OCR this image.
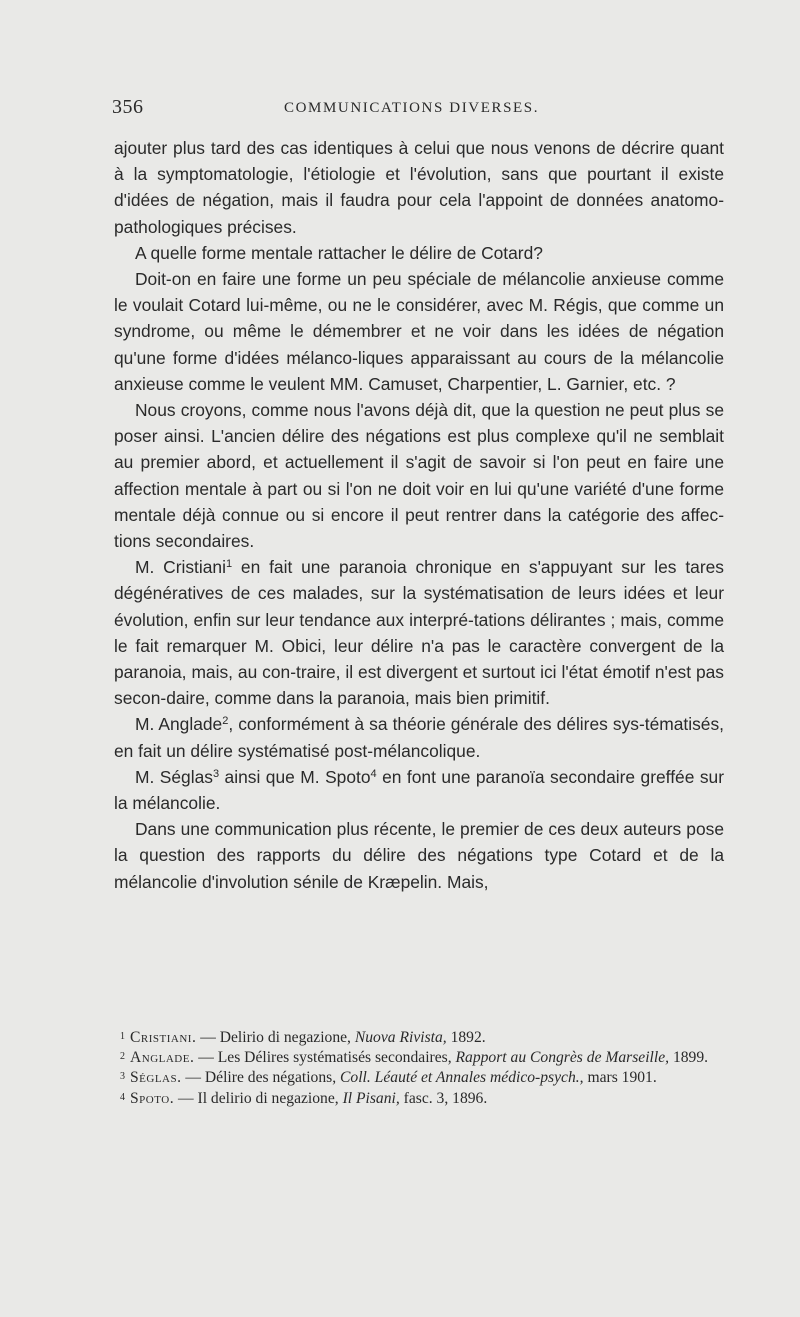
356	COMMUNICATIONS DIVERSES.

ajouter plus tard des cas identiques à celui que nous venons de décrire quant à la symptomatologie, l'étiologie et l'évolution, sans que pourtant il existe d'idées de négation, mais il faudra pour cela l'appoint de données anatomo-pathologiques précises.

A quelle forme mentale rattacher le délire de Cotard?

Doit-on en faire une forme un peu spéciale de mélancolie anxieuse comme le voulait Cotard lui-même, ou ne le considérer, avec M. Régis, que comme un syndrome, ou même le démembrer et ne voir dans les idées de négation qu'une forme d'idées mélanco-liques apparaissant au cours de la mélancolie anxieuse comme le veulent MM. Camuset, Charpentier, L. Garnier, etc. ?

Nous croyons, comme nous l'avons déjà dit, que la question ne peut plus se poser ainsi. L'ancien délire des négations est plus complexe qu'il ne semblait au premier abord, et actuellement il s'agit de savoir si l'on peut en faire une affection mentale à part ou si l'on ne doit voir en lui qu'une variété d'une forme mentale déjà connue ou si encore il peut rentrer dans la catégorie des affec-tions secondaires.

M. Cristiani$^1$ en fait une paranoia chronique en s'appuyant sur les tares dégénératives de ces malades, sur la systématisation de leurs idées et leur évolution, enfin sur leur tendance aux interpré-tations délirantes ; mais, comme le fait remarquer M. Obici, leur délire n'a pas le caractère convergent de la paranoia, mais, au con-traire, il est divergent et surtout ici l'état émotif n'est pas secon-daire, comme dans la paranoia, mais bien primitif.

M. Anglade$^2$, conformément à sa théorie générale des délires sys-tématisés, en fait un délire systématisé post-mélancolique.

M. Séglas$^3$ ainsi que M. Spoto$^4$ en font une paranoïa secondaire greffée sur la mélancolie.

Dans une communication plus récente, le premier de ces deux auteurs pose la question des rapports du délire des négations type Cotard et de la mélancolie d'involution sénile de Kræpelin. Mais,

1 Cristiani. — Delirio di negazione, Nuova Rivista, 1892.

2 Anglade. — Les Délires systématisés secondaires, Rapport au Congrès de Marseille, 1899.

3 Séglas. — Délire des négations, Coll. Léauté et Annales médico-psych., mars 1901.

4 Spoto. — Il delirio di negazione, Il Pisani, fasc. 3, 1896.
